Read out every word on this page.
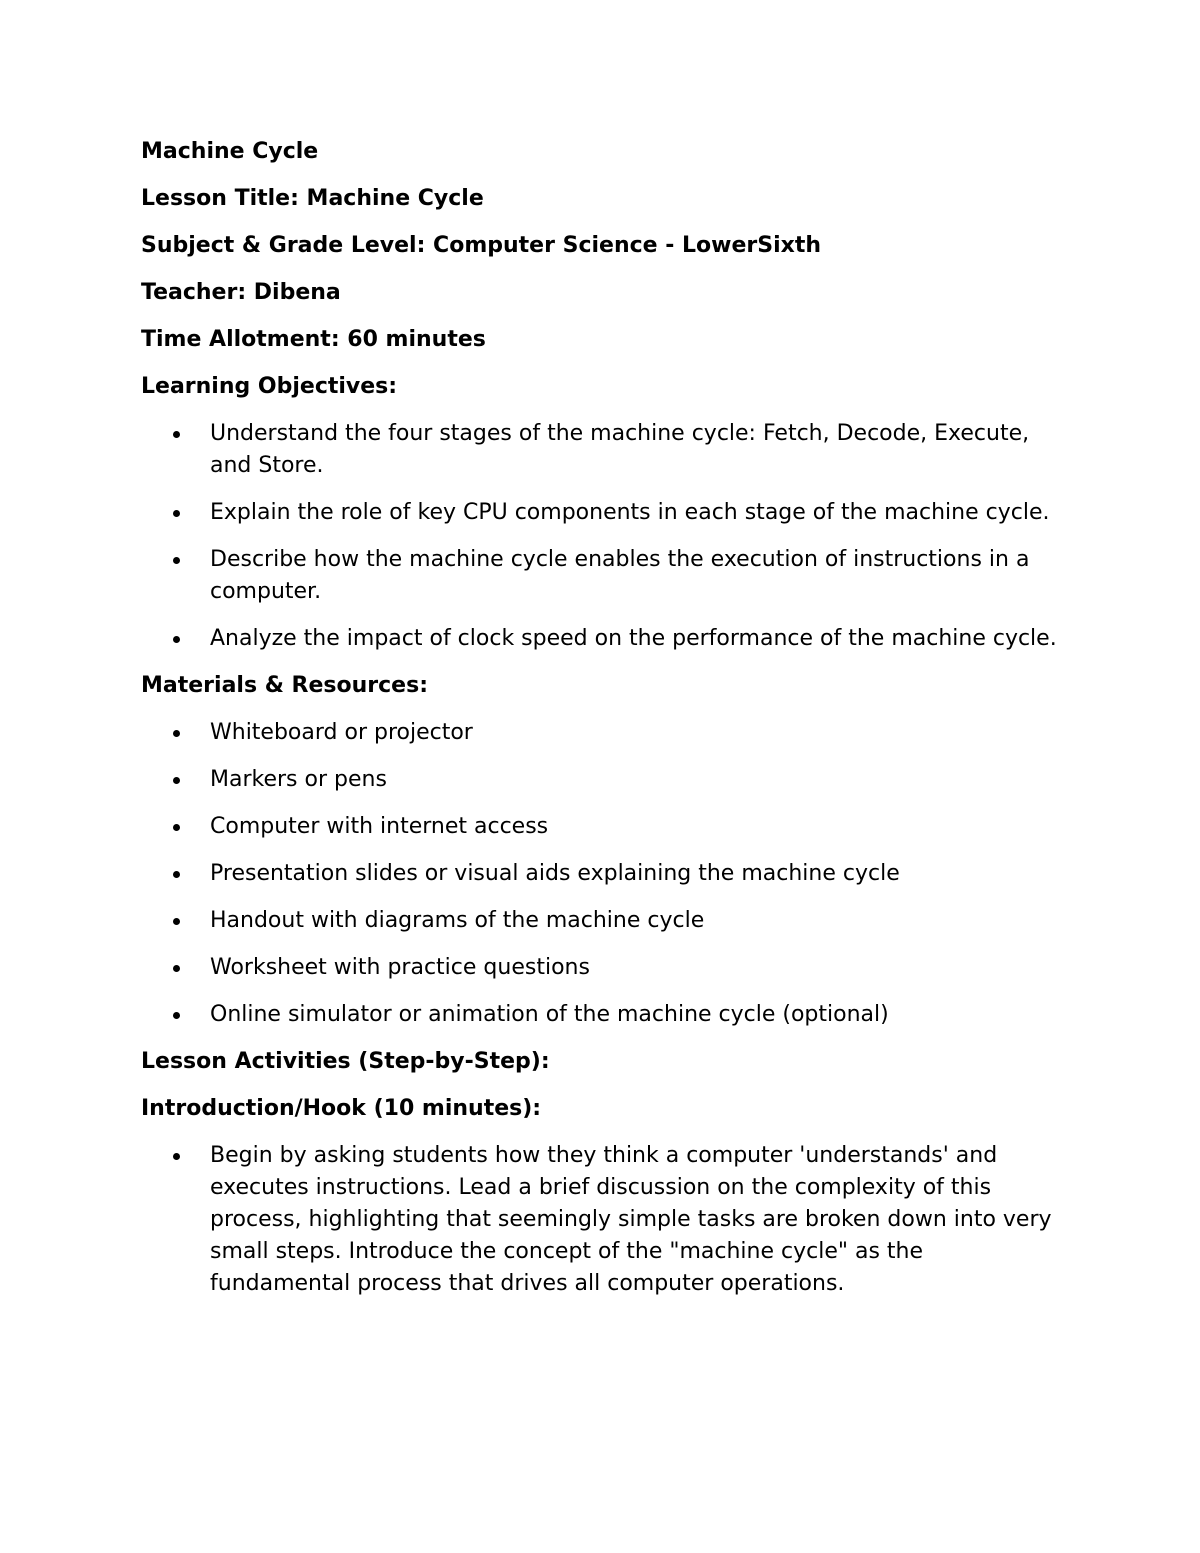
Machine Cycle
Lesson Title: Machine Cycle
Subject & Grade Level: Computer Science - LowerSixth
Teacher: Dibena
Time Allotment: 60 minutes
Learning Objectives:
Understand the four stages of the machine cycle: Fetch, Decode, Execute, and Store.
Explain the role of key CPU components in each stage of the machine cycle.
Describe how the machine cycle enables the execution of instructions in a computer.
Analyze the impact of clock speed on the performance of the machine cycle.
Materials & Resources:
Whiteboard or projector
Markers or pens
Computer with internet access
Presentation slides or visual aids explaining the machine cycle
Handout with diagrams of the machine cycle
Worksheet with practice questions
Online simulator or animation of the machine cycle (optional)
Lesson Activities (Step-by-Step):
Introduction/Hook (10 minutes):
Begin by asking students how they think a computer 'understands' and executes instructions. Lead a brief discussion on the complexity of this process, highlighting that seemingly simple tasks are broken down into very small steps. Introduce the concept of the "machine cycle" as the fundamental process that drives all computer operations.
